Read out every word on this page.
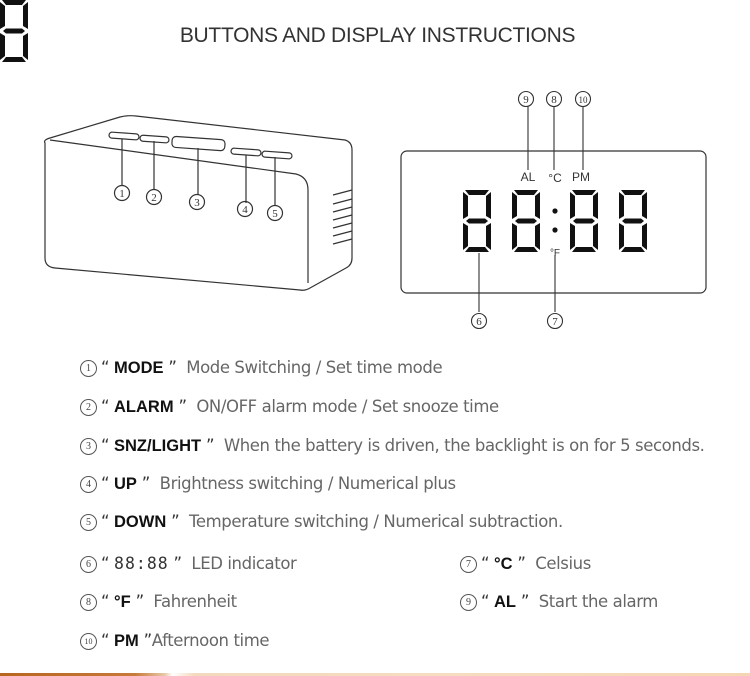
BUTTONS AND DISPLAY INSTRUCTIONS
1 2	3
4 5
9 8 10
6	7
AL °C PM
°F
1 “ MODE ” Mode Switching / Set time mode
2 “ ALARM ” ON/OFF alarm mode / Set snooze time
3 “ SNZ/LIGHT ” When the battery is driven, the backlight is on for 5 seconds.
4 “ UP ” Brightness switching / Numerical plus
5 “ DOWN ” Temperature switching / Numerical subtraction.
6 “ 88:88 ” LED indicator	7 “ °C ” Celsius
8 “ °F ” Fahrenheit	9 “ AL ” Start the alarm
10 “ PM ”Afternoon time
